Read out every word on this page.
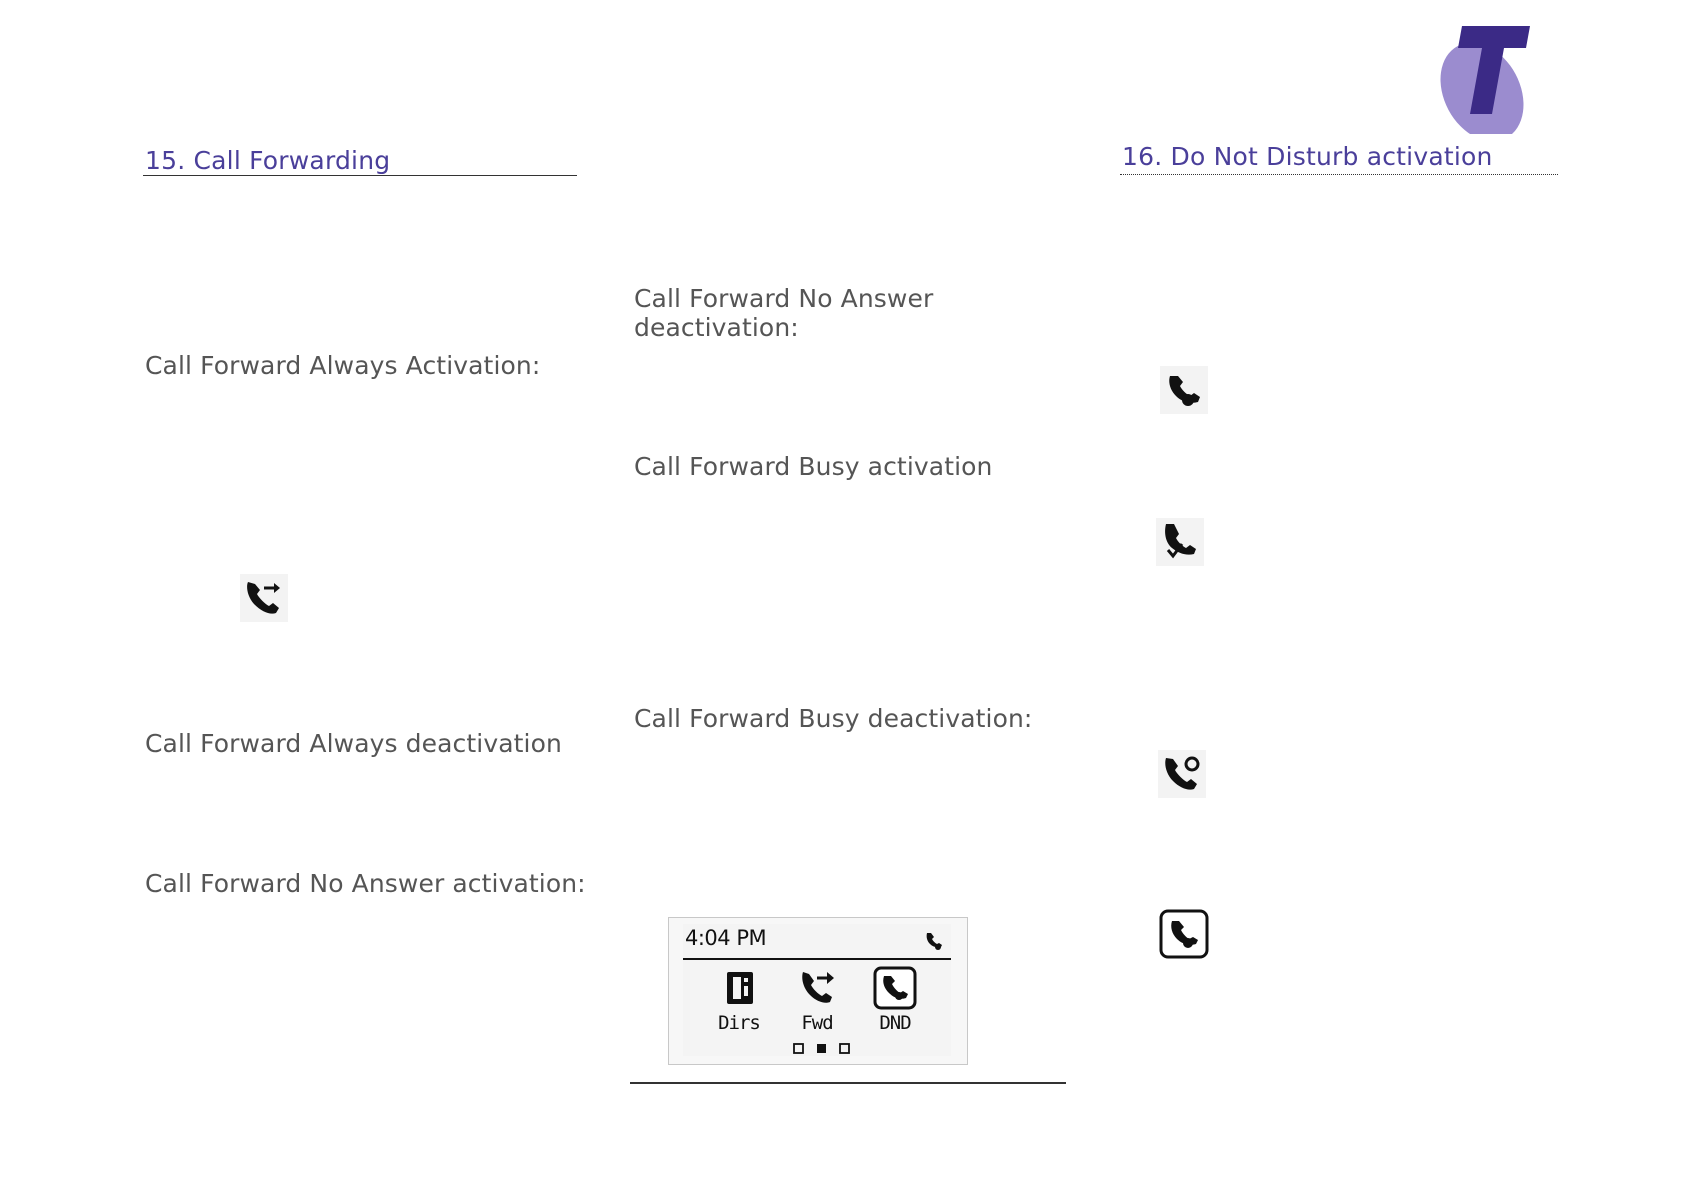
15. Call Forwarding	16. Do Not Disturb activation
Call Forward Always Activation:
Call Forward Always deactivation
Call Forward No Answer activation:
Call Forward No Answer
deactivation:
Call Forward Busy activation
Call Forward Busy deactivation:
4:04 PM
Dirs	Fwd	DND
